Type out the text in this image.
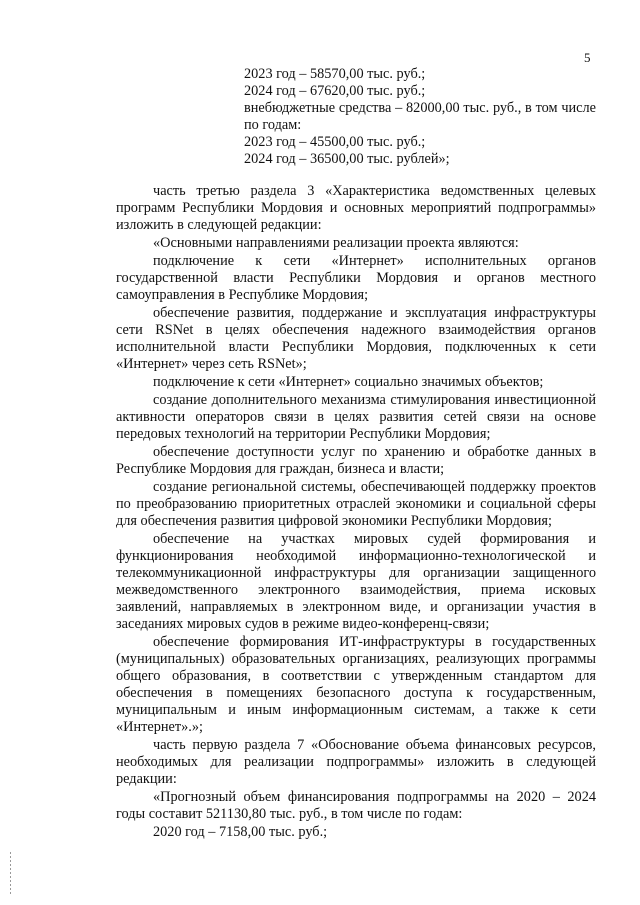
5

2023 год – 58570,00 тыс. руб.;

2024 год – 67620,00 тыс. руб.;

внебюджетные средства – 82000,00 тыс. руб., в том числе по годам:

2023 год – 45500,00 тыс. руб.;

2024 год – 36500,00 тыс. рублей»;

часть третью раздела 3 «Характеристика ведомственных целевых программ Республики Мордовия и основных мероприятий подпрограммы» изложить в следующей редакции:

«Основными направлениями реализации проекта являются:

подключение к сети «Интернет» исполнительных органов государственной власти Республики Мордовия и органов местного самоуправления в Республике Мордовия;

обеспечение развития, поддержание и эксплуатация инфраструктуры сети RSNet в целях обеспечения надежного взаимодействия органов исполнительной власти Республики Мордовия, подключенных к сети «Интернет» через сеть RSNet»;

подключение к сети «Интернет» социально значимых объектов;

создание дополнительного механизма стимулирования инвестиционной активности операторов связи в целях развития сетей связи на основе передовых технологий на территории Республики Мордовия;

обеспечение доступности услуг по хранению и обработке данных в Республике Мордовия для граждан, бизнеса и власти;

создание региональной системы, обеспечивающей поддержку проектов по преобразованию приоритетных отраслей экономики и социальной сферы для обеспечения развития цифровой экономики Республики Мордовия;

обеспечение на участках мировых судей формирования и функционирования необходимой информационно-технологической и телекоммуникационной инфраструктуры для организации защищенного межведомственного электронного взаимодействия, приема исковых заявлений, направляемых в электронном виде, и организации участия в заседаниях мировых судов в режиме видео-конференц-связи;

обеспечение формирования ИТ-инфраструктуры в государственных (муниципальных) образовательных организациях, реализующих программы общего образования, в соответствии с утвержденным стандартом для обеспечения в помещениях безопасного доступа к государственным, муниципальным и иным информационным системам, а также к сети «Интернет».»;

часть первую раздела 7 «Обоснование объема финансовых ресурсов, необходимых для реализации подпрограммы» изложить в следующей редакции:

«Прогнозный объем финансирования подпрограммы на 2020 – 2024 годы составит 521130,80 тыс. руб., в том числе по годам:

2020 год – 7158,00 тыс. руб.;
